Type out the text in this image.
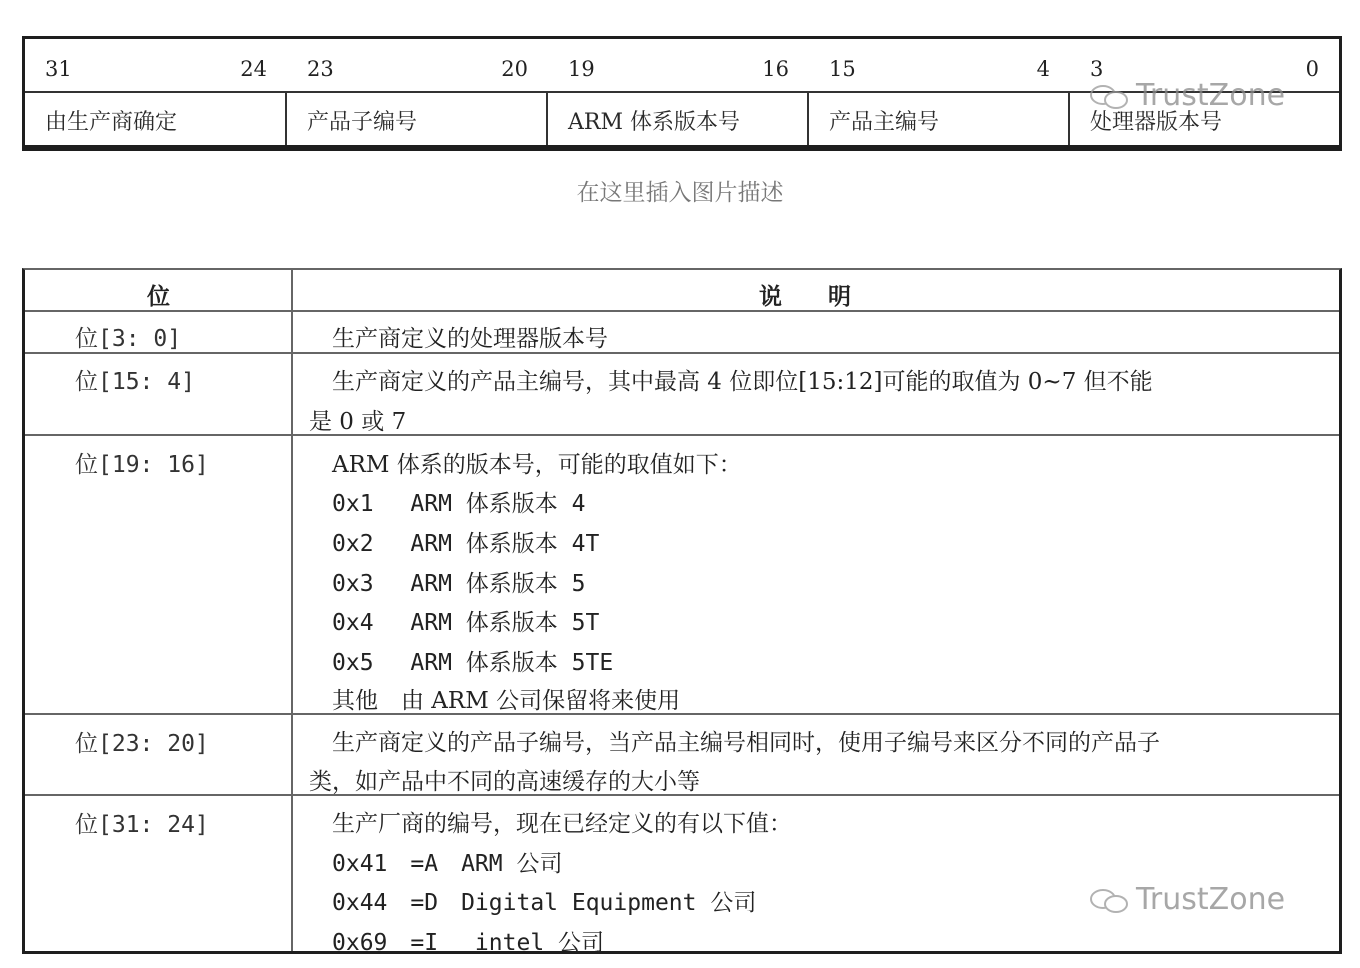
31	24 23	20 19	16 15	4 3	0
由生产商确定	产品子编号	ARM 体系版本号	产品主编号	处理器版本号
TrustZone
在这里插入图片描述
位	说　　明
位[3: 0]	　生产商定义的处理器版本号
位[15: 4]	　生产商定义的产品主编号，其中最高 4 位即位[15:12]可能的取值为 0~7 但不能
是 0 或 7
位[19: 16]	　ARM 体系的版本号，可能的取值如下：
　0x1　 ARM 体系版本 4
　0x2　 ARM 体系版本 4T
　0x3　 ARM 体系版本 5
　0x4　 ARM 体系版本 5T
　0x5　 ARM 体系版本 5TE
　其他　由 ARM 公司保留将来使用
位[23: 20]	　生产商定义的产品子编号，当产品主编号相同时，使用子编号来区分不同的产品子
类，如产品中不同的高速缓存的大小等
位[31: 24]	　生产厂商的编号，现在已经定义的有以下值：
　0x41　=A　ARM 公司
　0x44　=D　Digital Equipment 公司
　0x69　=I　 intel 公司
TrustZone
